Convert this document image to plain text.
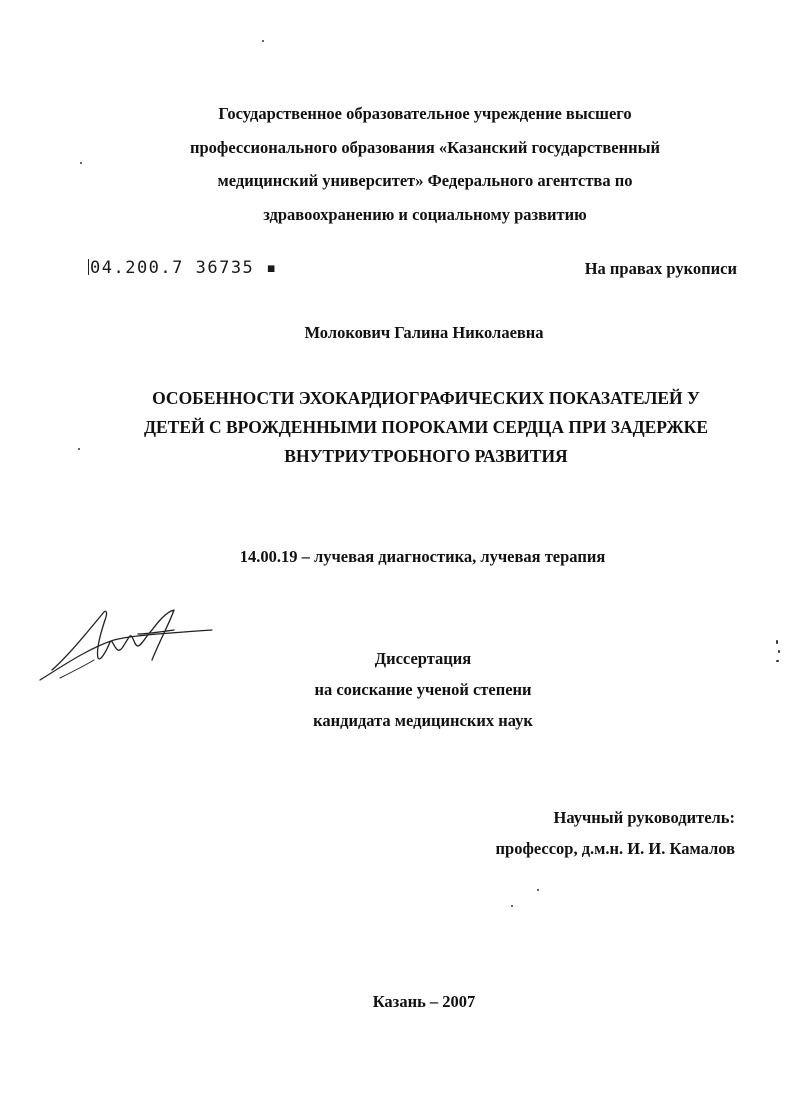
Государственное образовательное учреждение высшего
профессионального образования «Казанский государственный
медицинский университет» Федерального агентства по
здравоохранению и социальному развитию
04.200.7 36735 ▪	На правах рукописи
Молокович Галина Николаевна
ОСОБЕННОСТИ ЭХОКАРДИОГРАФИЧЕСКИХ ПОКАЗАТЕЛЕЙ У
ДЕТЕЙ С ВРОЖДЕННЫМИ ПОРОКАМИ СЕРДЦА ПРИ ЗАДЕРЖКЕ
ВНУТРИУТРОБНОГО РАЗВИТИЯ
14.00.19 – лучевая диагностика, лучевая терапия
Диссертация
на соискание ученой степени
кандидата медицинских наук
Научный руководитель:
профессор, д.м.н. И. И. Камалов
Казань – 2007
